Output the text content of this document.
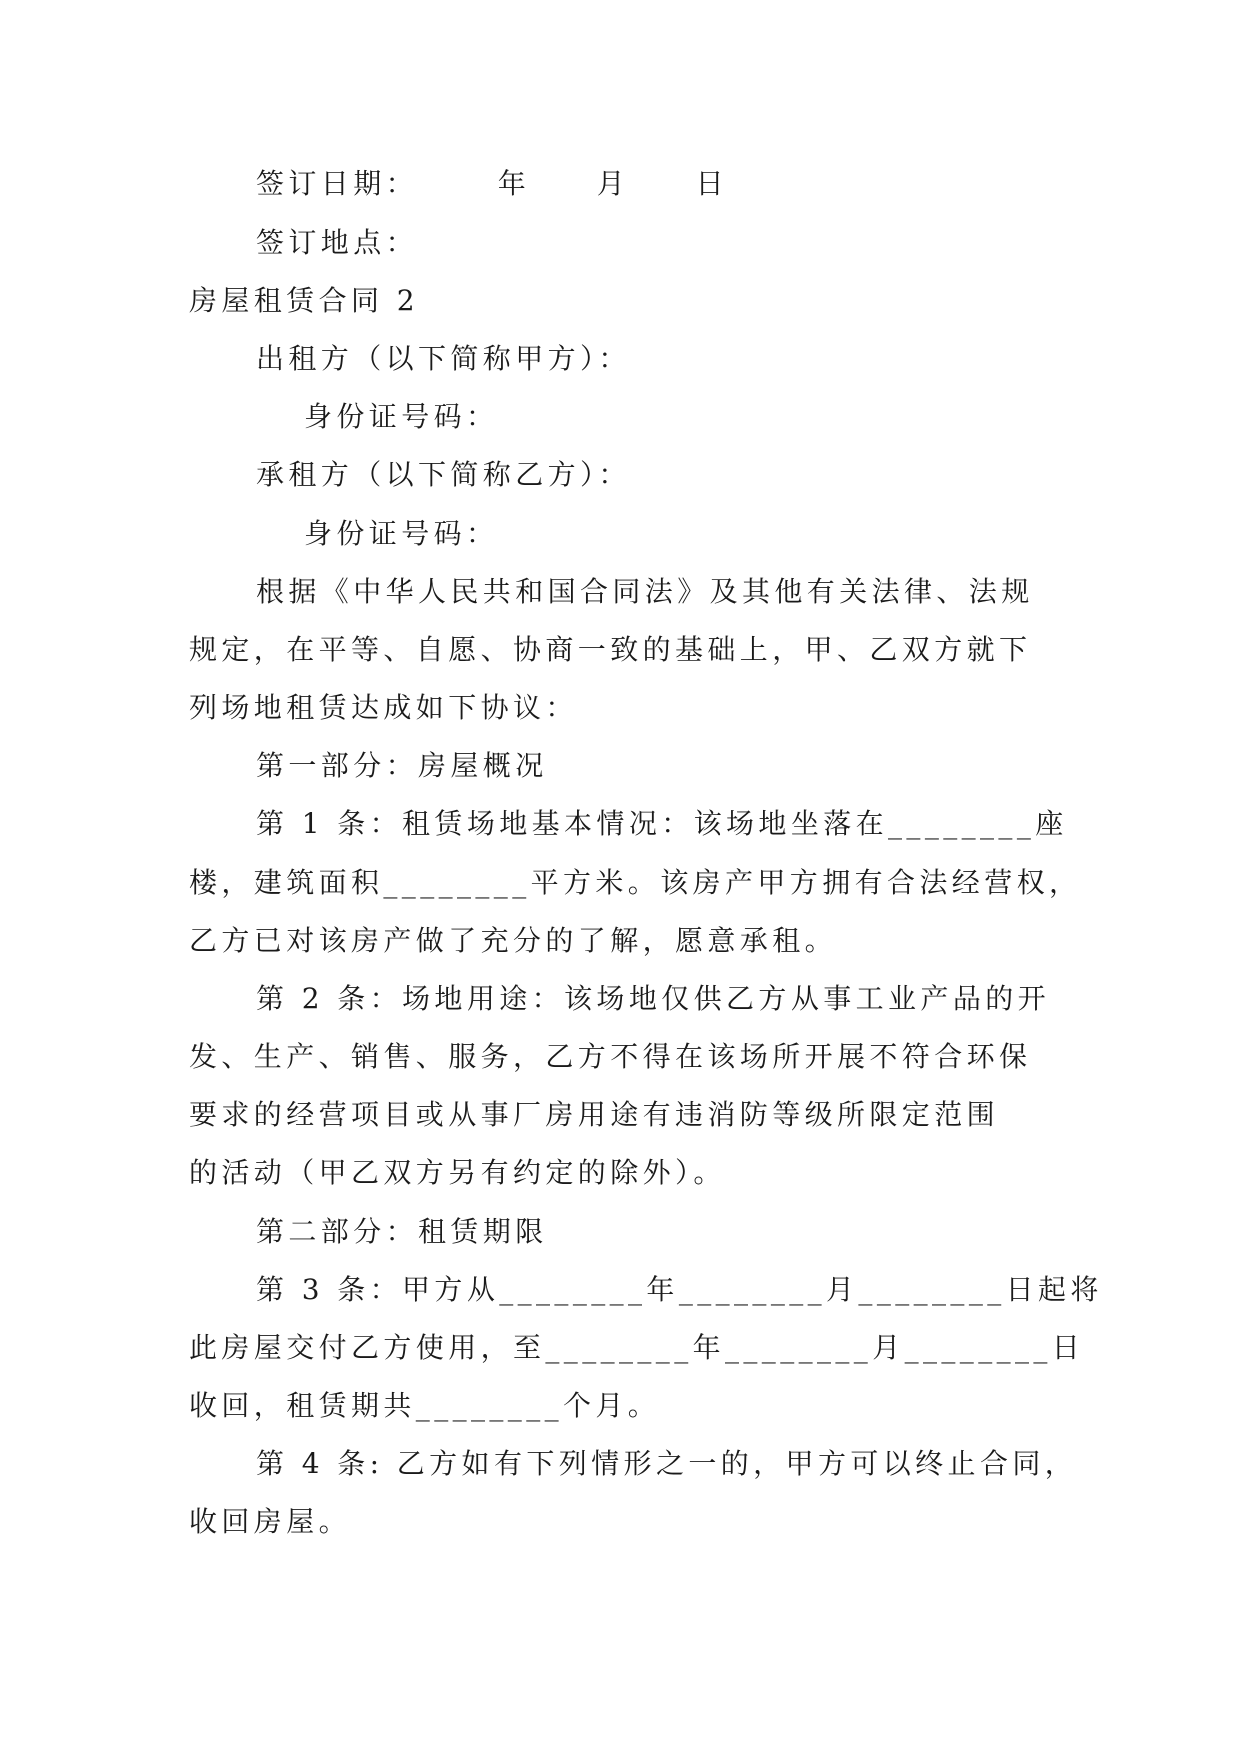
签订日期：      年     月     日
签订地点：
房屋租赁合同 2
出租方（以下简称甲方）：
身份证号码：
承租方（以下简称乙方）：
身份证号码：
根据《中华人民共和国合同法》及其他有关法律、法规
规定，在平等、自愿、协商一致的基础上，甲、乙双方就下
列场地租赁达成如下协议：
第一部分：房屋概况
第 1 条：租赁场地基本情况：该场地坐落在________座
楼，建筑面积________平方米。该房产甲方拥有合法经营权，
乙方已对该房产做了充分的了解，愿意承租。
第 2 条：场地用途：该场地仅供乙方从事工业产品的开
发、生产、销售、服务，乙方不得在该场所开展不符合环保
要求的经营项目或从事厂房用途有违消防等级所限定范围
的活动（甲乙双方另有约定的除外）。
第二部分：租赁期限
第 3 条：甲方从________年________月________日起将
此房屋交付乙方使用，至________年________月________日
收回，租赁期共________个月。
第 4 条: 乙方如有下列情形之一的，甲方可以终止合同，
收回房屋。
